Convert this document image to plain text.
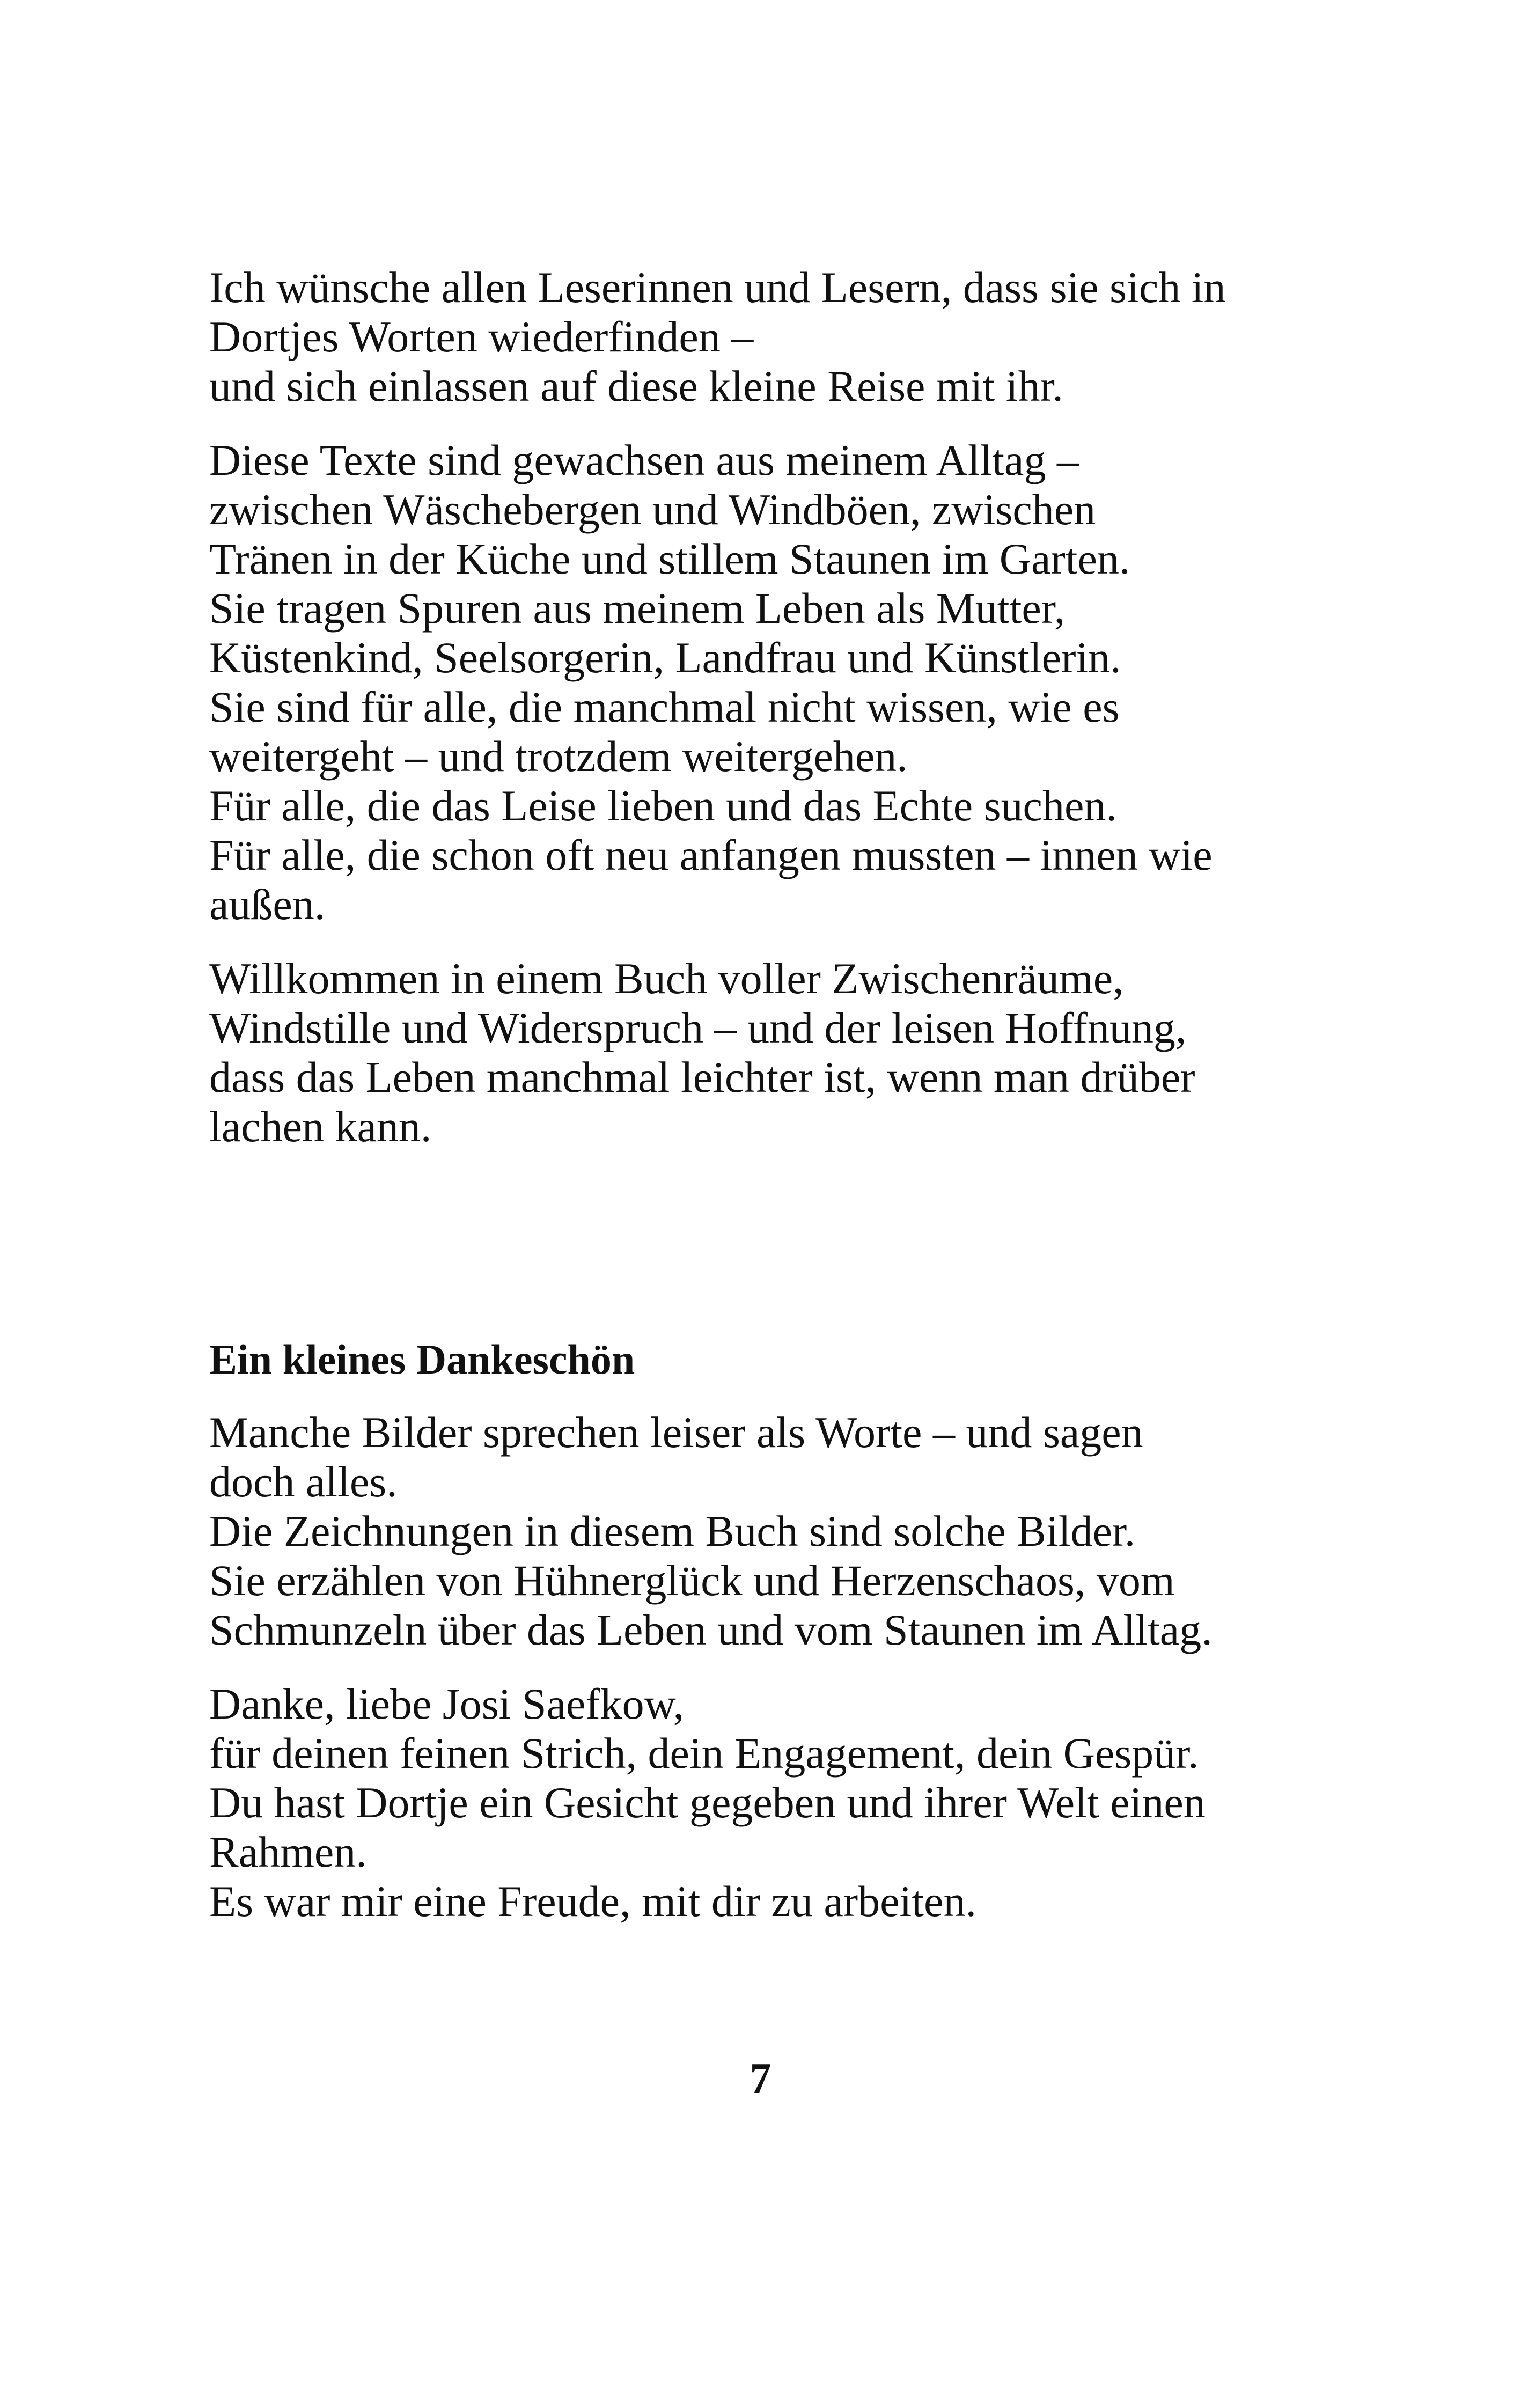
Ich wünsche allen Leserinnen und Lesern, dass sie sich in
Dortjes Worten wiederfinden –
und sich einlassen auf diese kleine Reise mit ihr.
Diese Texte sind gewachsen aus meinem Alltag –
zwischen Wäschebergen und Windböen, zwischen
Tränen in der Küche und stillem Staunen im Garten.
Sie tragen Spuren aus meinem Leben als Mutter,
Küstenkind, Seelsorgerin, Landfrau und Künstlerin.
Sie sind für alle, die manchmal nicht wissen, wie es
weitergeht – und trotzdem weitergehen.
Für alle, die das Leise lieben und das Echte suchen.
Für alle, die schon oft neu anfangen mussten – innen wie
außen.
Willkommen in einem Buch voller Zwischenräume,
Windstille und Widerspruch – und der leisen Hoffnung,
dass das Leben manchmal leichter ist, wenn man drüber
lachen kann.
Ein kleines Dankeschön
Manche Bilder sprechen leiser als Worte – und sagen
doch alles.
Die Zeichnungen in diesem Buch sind solche Bilder.
Sie erzählen von Hühnerglück und Herzenschaos, vom
Schmunzeln über das Leben und vom Staunen im Alltag.
Danke, liebe Josi Saefkow,
für deinen feinen Strich, dein Engagement, dein Gespür.
Du hast Dortje ein Gesicht gegeben und ihrer Welt einen
Rahmen.
Es war mir eine Freude, mit dir zu arbeiten.
7
